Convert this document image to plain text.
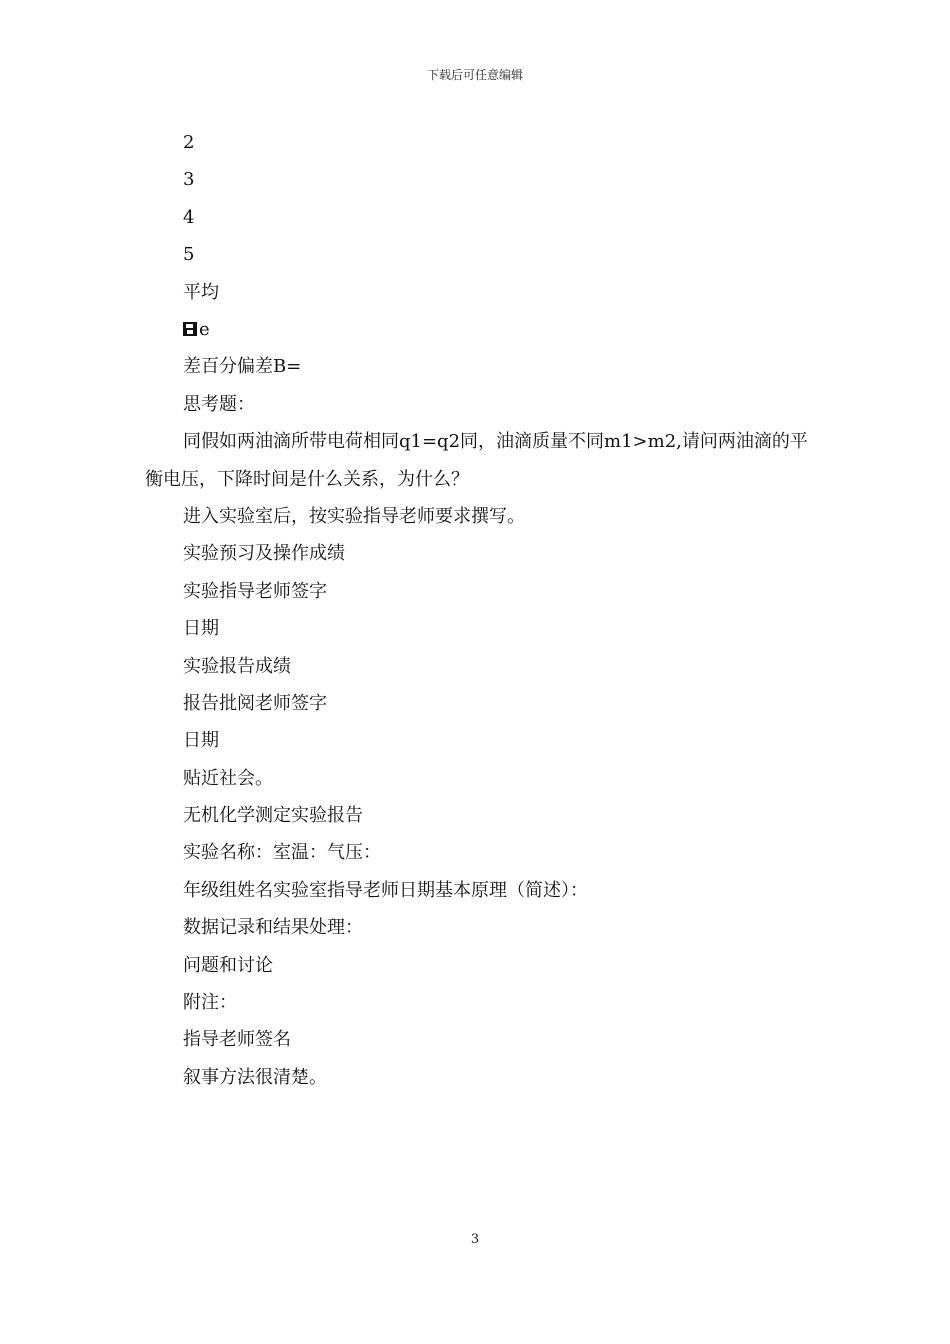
下载后可任意编辑
2
3
4
5
平均
e
差百分偏差B=
思考题：
同假如两油滴所带电荷相同q1=q2同，油滴质量不同m1>m2,请问两油滴的平衡电压，下降时间是什么关系，为什么？
进入实验室后，按实验指导老师要求撰写。
实验预习及操作成绩
实验指导老师签字
日期
实验报告成绩
报告批阅老师签字
日期
贴近社会。
无机化学测定实验报告
实验名称：室温：气压：
年级组姓名实验室指导老师日期基本原理（简述）：
数据记录和结果处理：
问题和讨论
附注：
指导老师签名
叙事方法很清楚。
3
